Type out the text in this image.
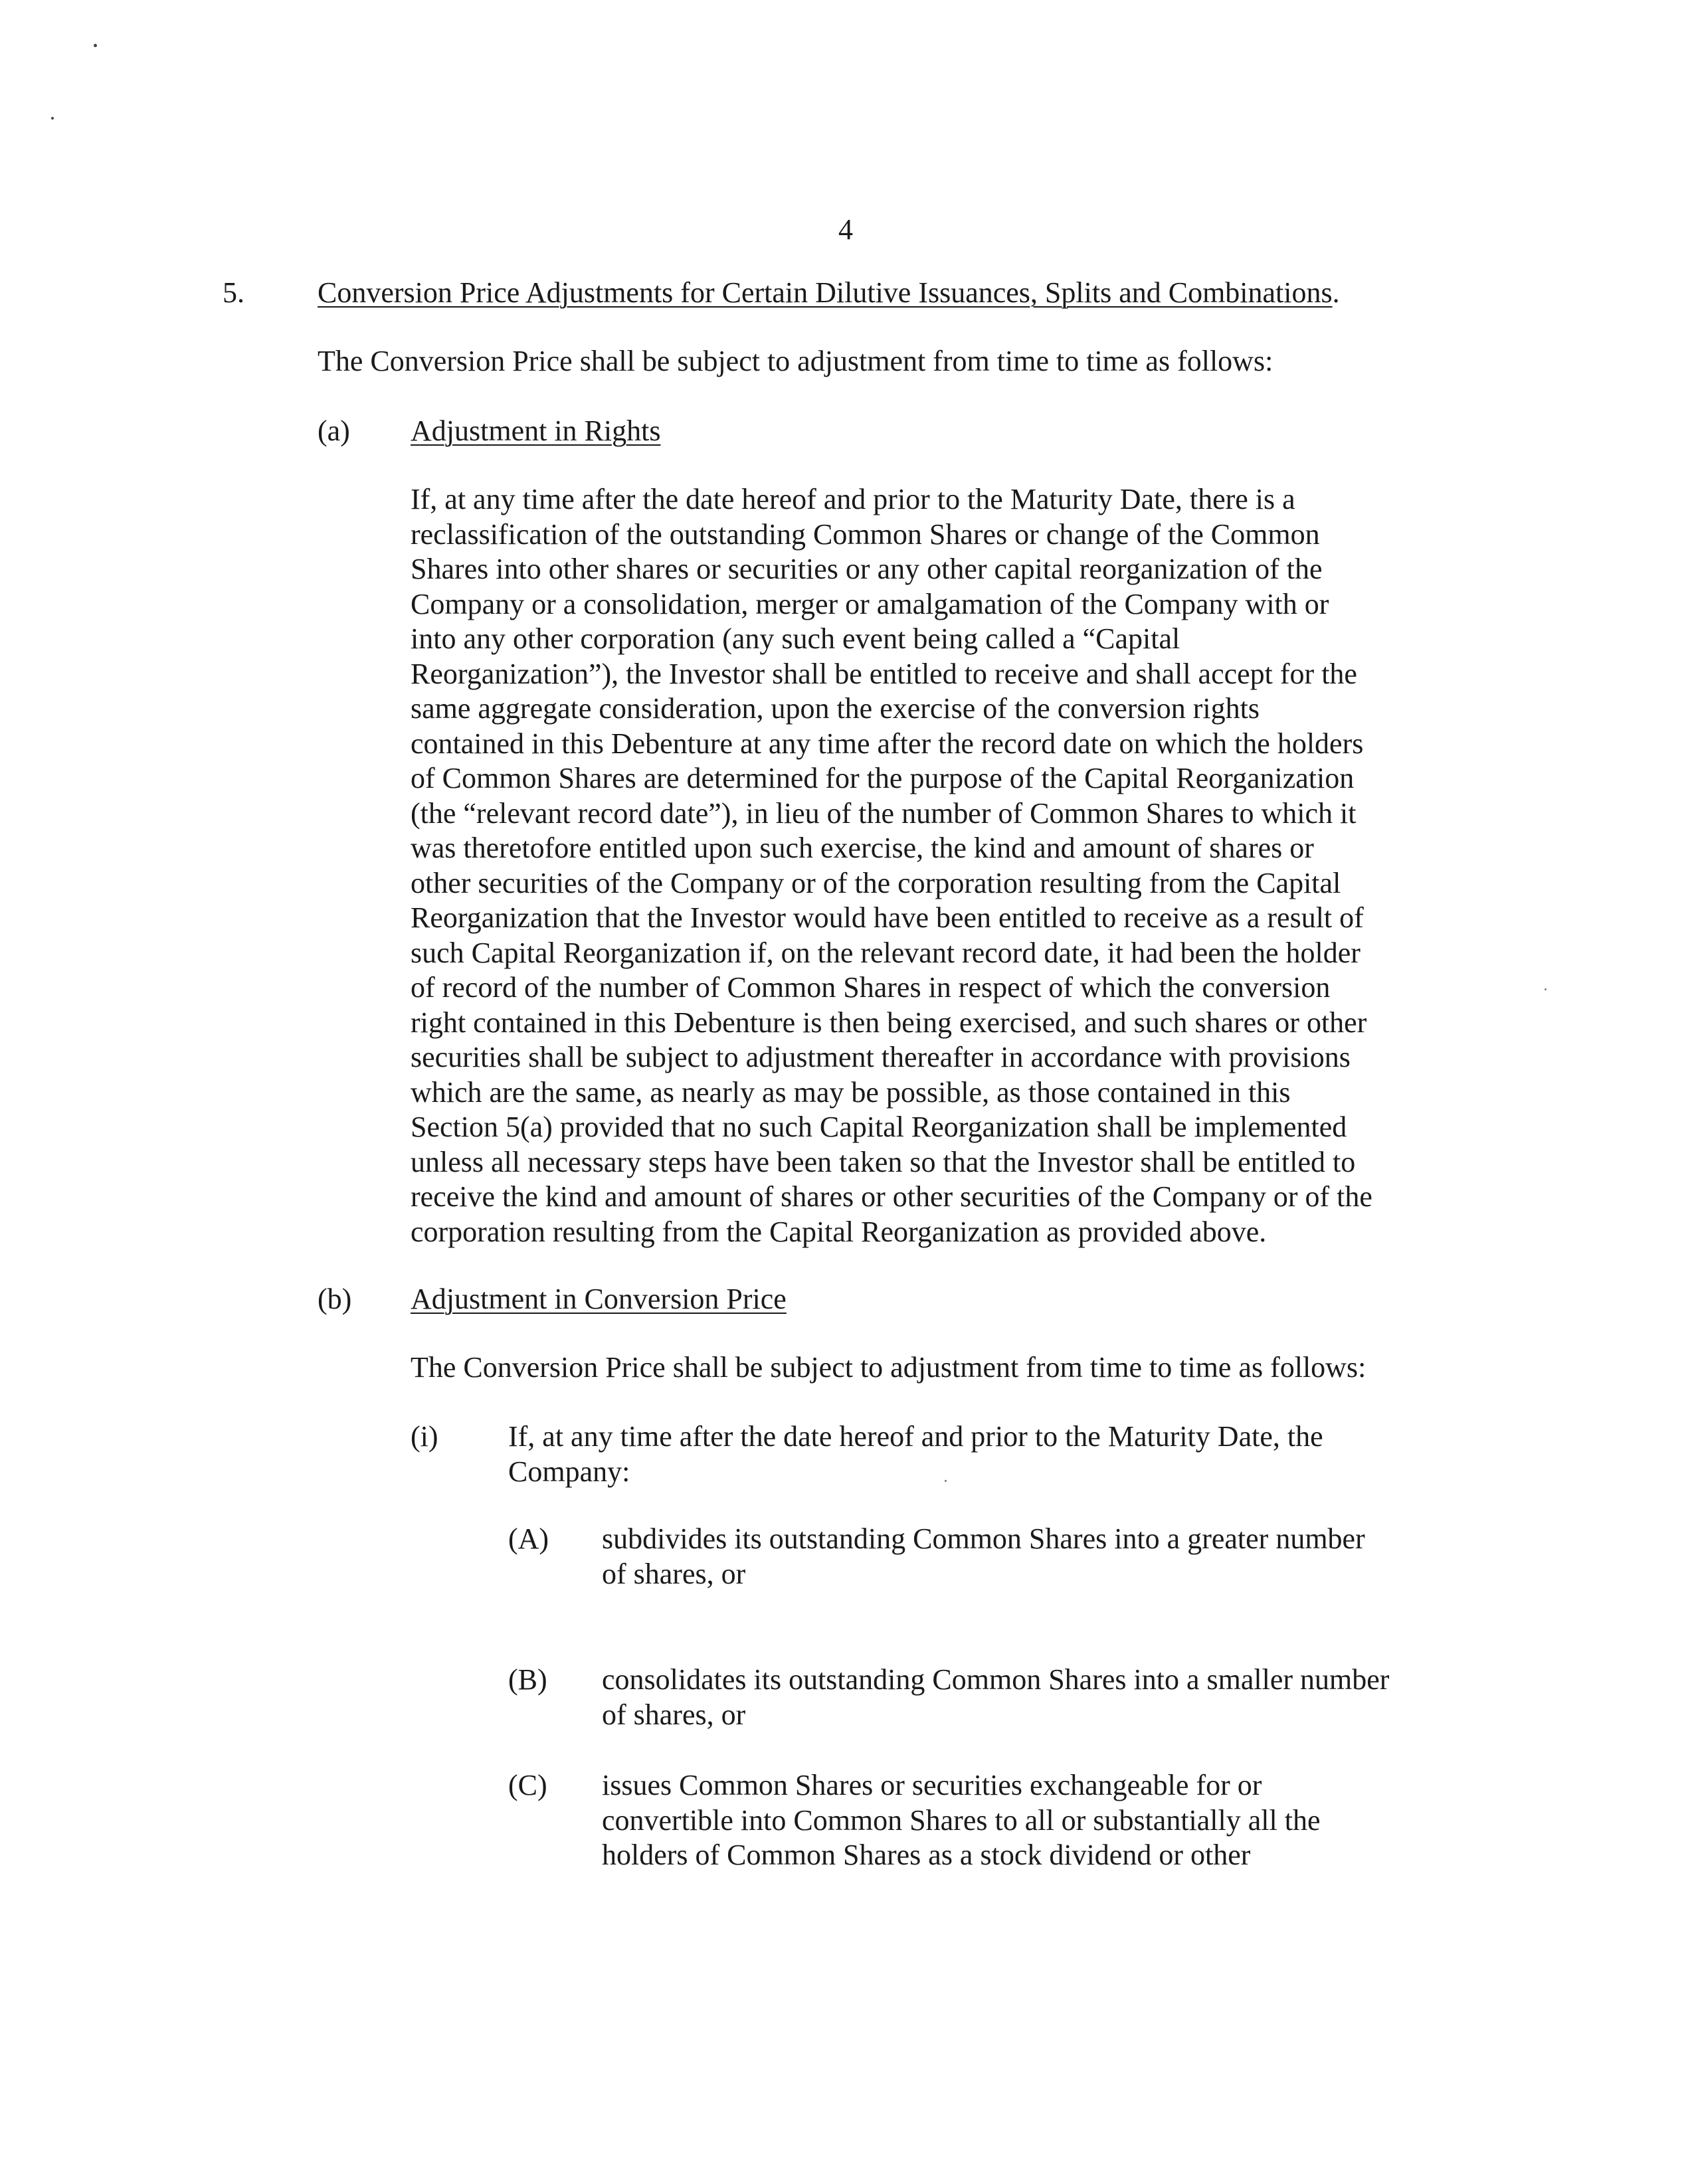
4
5.	Conversion Price Adjustments for Certain Dilutive Issuances, Splits and Combinations.
The Conversion Price shall be subject to adjustment from time to time as follows:
(a) Adjustment in Rights
If, at any time after the date hereof and prior to the Maturity Date, there is a
reclassification of the outstanding Common Shares or change of the Common
Shares into other shares or securities or any other capital reorganization of the
Company or a consolidation, merger or amalgamation of the Company with or
into any other corporation (any such event being called a “Capital
Reorganization”), the Investor shall be entitled to receive and shall accept for the
same aggregate consideration, upon the exercise of the conversion rights
contained in this Debenture at any time after the record date on which the holders
of Common Shares are determined for the purpose of the Capital Reorganization
(the “relevant record date”), in lieu of the number of Common Shares to which it
was theretofore entitled upon such exercise, the kind and amount of shares or
other securities of the Company or of the corporation resulting from the Capital
Reorganization that the Investor would have been entitled to receive as a result of
such Capital Reorganization if, on the relevant record date, it had been the holder
of record of the number of Common Shares in respect of which the conversion
right contained in this Debenture is then being exercised, and such shares or other
securities shall be subject to adjustment thereafter in accordance with provisions
which are the same, as nearly as may be possible, as those contained in this
Section 5(a) provided that no such Capital Reorganization shall be implemented
unless all necessary steps have been taken so that the Investor shall be entitled to
receive the kind and amount of shares or other securities of the Company or of the
corporation resulting from the Capital Reorganization as provided above.
(b) Adjustment in Conversion Price
The Conversion Price shall be subject to adjustment from time to time as follows:
(i) If, at any time after the date hereof and prior to the Maturity Date, the
Company:
(A) subdivides its outstanding Common Shares into a greater number
of shares, or
(B) consolidates its outstanding Common Shares into a smaller number
of shares, or
(C) issues Common Shares or securities exchangeable for or
convertible into Common Shares to all or substantially all the
holders of Common Shares as a stock dividend or other
